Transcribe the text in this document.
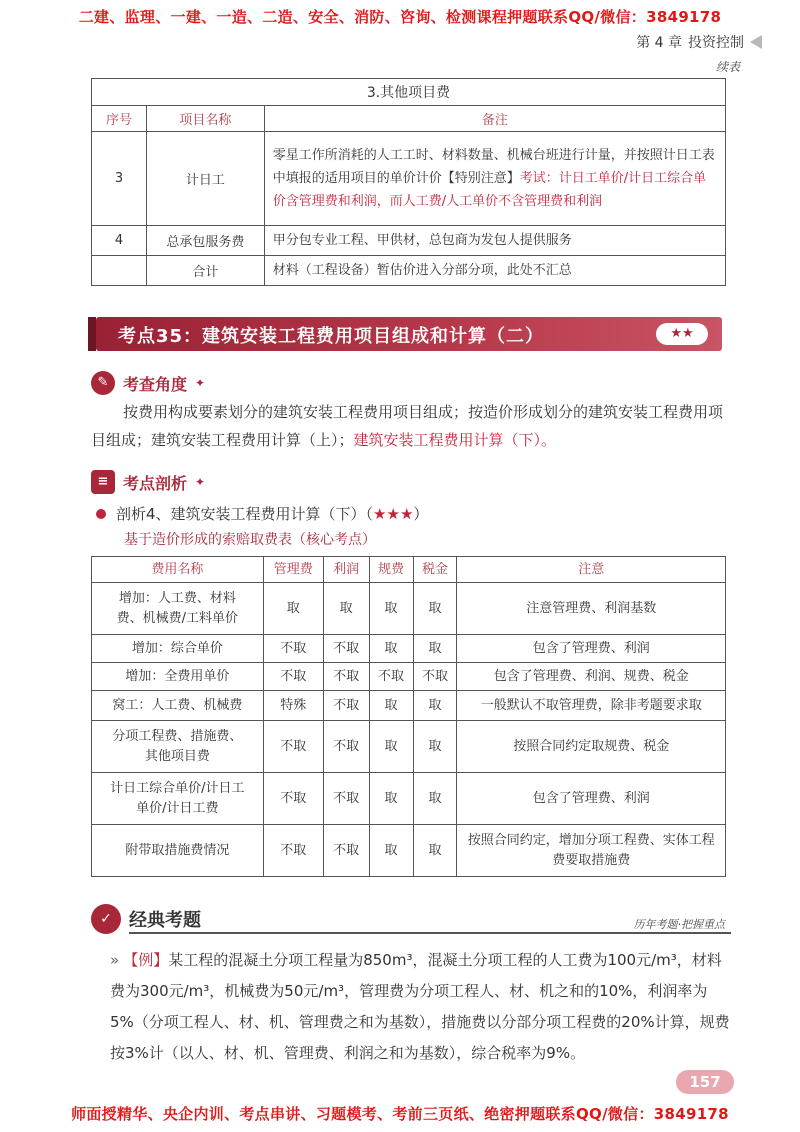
二建、监理、一建、一造、二造、安全、消防、咨询、检测课程押题联系QQ/微信：3849178
第 4 章 投资控制
续表
3.其他项目费		
序号	项目名称	备注
3	计日工	零星工作所消耗的人工工时、材料数量、机械台班进行计量，并按照计日工表中填报的适用项目的单价计价【特别注意】考试：计日工单价/计日工综合单价含管理费和利润，而人工费/人工单价不含管理费和利润
4	总承包服务费	甲分包专业工程、甲供材，总包商为发包人提供服务
	合计	材料（工程设备）暂估价进入分部分项，此处不汇总
考点35：建筑安装工程费用项目组成和计算（二）	★★
✎ 考查角度 ✦
按费用构成要素划分的建筑安装工程费用项目组成；按造价形成划分的建筑安装工程费用项目组成；建筑安装工程费用计算（上）；建筑安装工程费用计算（下）。
≡ 考点剖析 ✦
剖析4、建筑安装工程费用计算（下）（★★★）
基于造价形成的索赔取费表（核心考点）
费用名称	管理费	利润	规费	税金	注意
增加：人工费、材料费、机械费/工料单价	取	取	取	取	注意管理费、利润基数
增加：综合单价	不取	不取	取	取	包含了管理费、利润
增加：全费用单价	不取	不取	不取	不取	包含了管理费、利润、规费、税金
窝工：人工费、机械费	特殊	不取	取	取	一般默认不取管理费，除非考题要求取
分项工程费、措施费、其他项目费	不取	不取	取	取	按照合同约定取规费、税金
计日工综合单价/计日工单价/计日工费	不取	不取	取	取	包含了管理费、利润
附带取措施费情况	不取	不取	取	取	按照合同约定，增加分项工程费、实体工程费要取措施费
✓ 经典考题	历年考题·把握重点
» 【例】某工程的混凝土分项工程量为850m³，混凝土分项工程的人工费为100元/m³，材料费为300元/m³，机械费为50元/m³，管理费为分项工程人、材、机之和的10%，利润率为5%（分项工程人、材、机、管理费之和为基数），措施费以分部分项工程费的20%计算，规费按3%计（以人、材、机、管理费、利润之和为基数），综合税率为9%。
157
师面授精华、央企内训、考点串讲、习题模考、考前三页纸、绝密押题联系QQ/微信：3849178
